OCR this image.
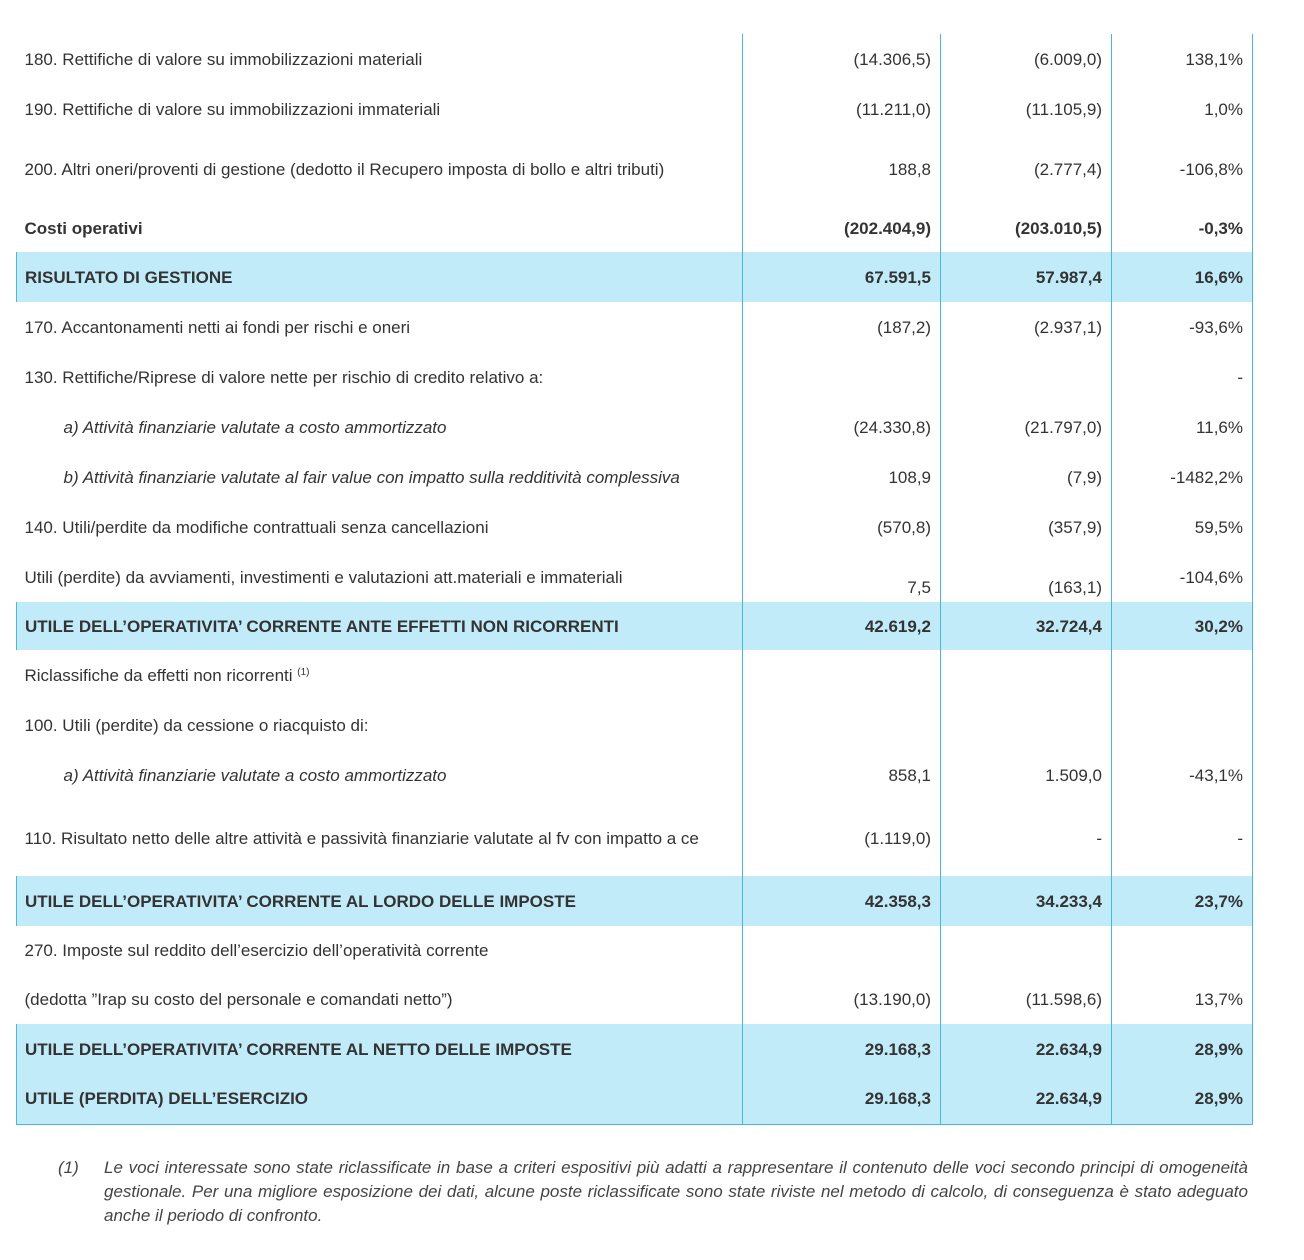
180. Rettifiche di valore su immobilizzazioni materiali	(14.306,5)	(6.009,0)	138,1%
190. Rettifiche di valore su immobilizzazioni immateriali	(11.211,0)	(11.105,9)	1,0%
200. Altri oneri/proventi di gestione (dedotto il Recupero imposta di bollo e altri tributi)	188,8	(2.777,4)	-106,8%
Costi operativi	(202.404,9)	(203.010,5)	-0,3%
RISULTATO DI GESTIONE	67.591,5	57.987,4	16,6%
170. Accantonamenti netti ai fondi per rischi e oneri	(187,2)	(2.937,1)	-93,6%
130. Rettifiche/Riprese di valore nette per rischio di credito relativo a:			-
a) Attività finanziarie valutate a costo ammortizzato	(24.330,8)	(21.797,0)	11,6%
b) Attività finanziarie valutate al fair value con impatto sulla redditività complessiva	108,9	(7,9)	-1482,2%
140. Utili/perdite da modifiche contrattuali senza cancellazioni	(570,8)	(357,9)	59,5%
Utili (perdite) da avviamenti, investimenti e valutazioni att.materiali e immateriali	7,5	(163,1)	-104,6%
UTILE DELL’OPERATIVITA’ CORRENTE ANTE EFFETTI NON RICORRENTI	42.619,2	32.724,4	30,2%
Riclassifiche da effetti non ricorrenti $^{(1)}$			
100. Utili (perdite) da cessione o riacquisto di:			
a) Attività finanziarie valutate a costo ammortizzato	858,1	1.509,0	-43,1%
110. Risultato netto delle altre attività e passività finanziarie valutate al fv con impatto a ce	(1.119,0)	-	-
UTILE DELL’OPERATIVITA’ CORRENTE AL LORDO DELLE IMPOSTE	42.358,3	34.233,4	23,7%
270. Imposte sul reddito dell’esercizio dell’operatività corrente			
(dedotta ”Irap su costo del personale e comandati netto”)	(13.190,0)	(11.598,6)	13,7%
UTILE DELL’OPERATIVITA’ CORRENTE AL NETTO DELLE IMPOSTE	29.168,3	22.634,9	28,9%
UTILE (PERDITA) DELL’ESERCIZIO	29.168,3	22.634,9	28,9%
(1) Le voci interessate sono state riclassificate in base a criteri espositivi più adatti a rappresentare il contenuto delle voci secondo principi di omogeneità gestionale. Per una migliore esposizione dei dati, alcune poste riclassificate sono state riviste nel metodo di calcolo, di conseguenza è stato adeguato anche il periodo di confronto.
